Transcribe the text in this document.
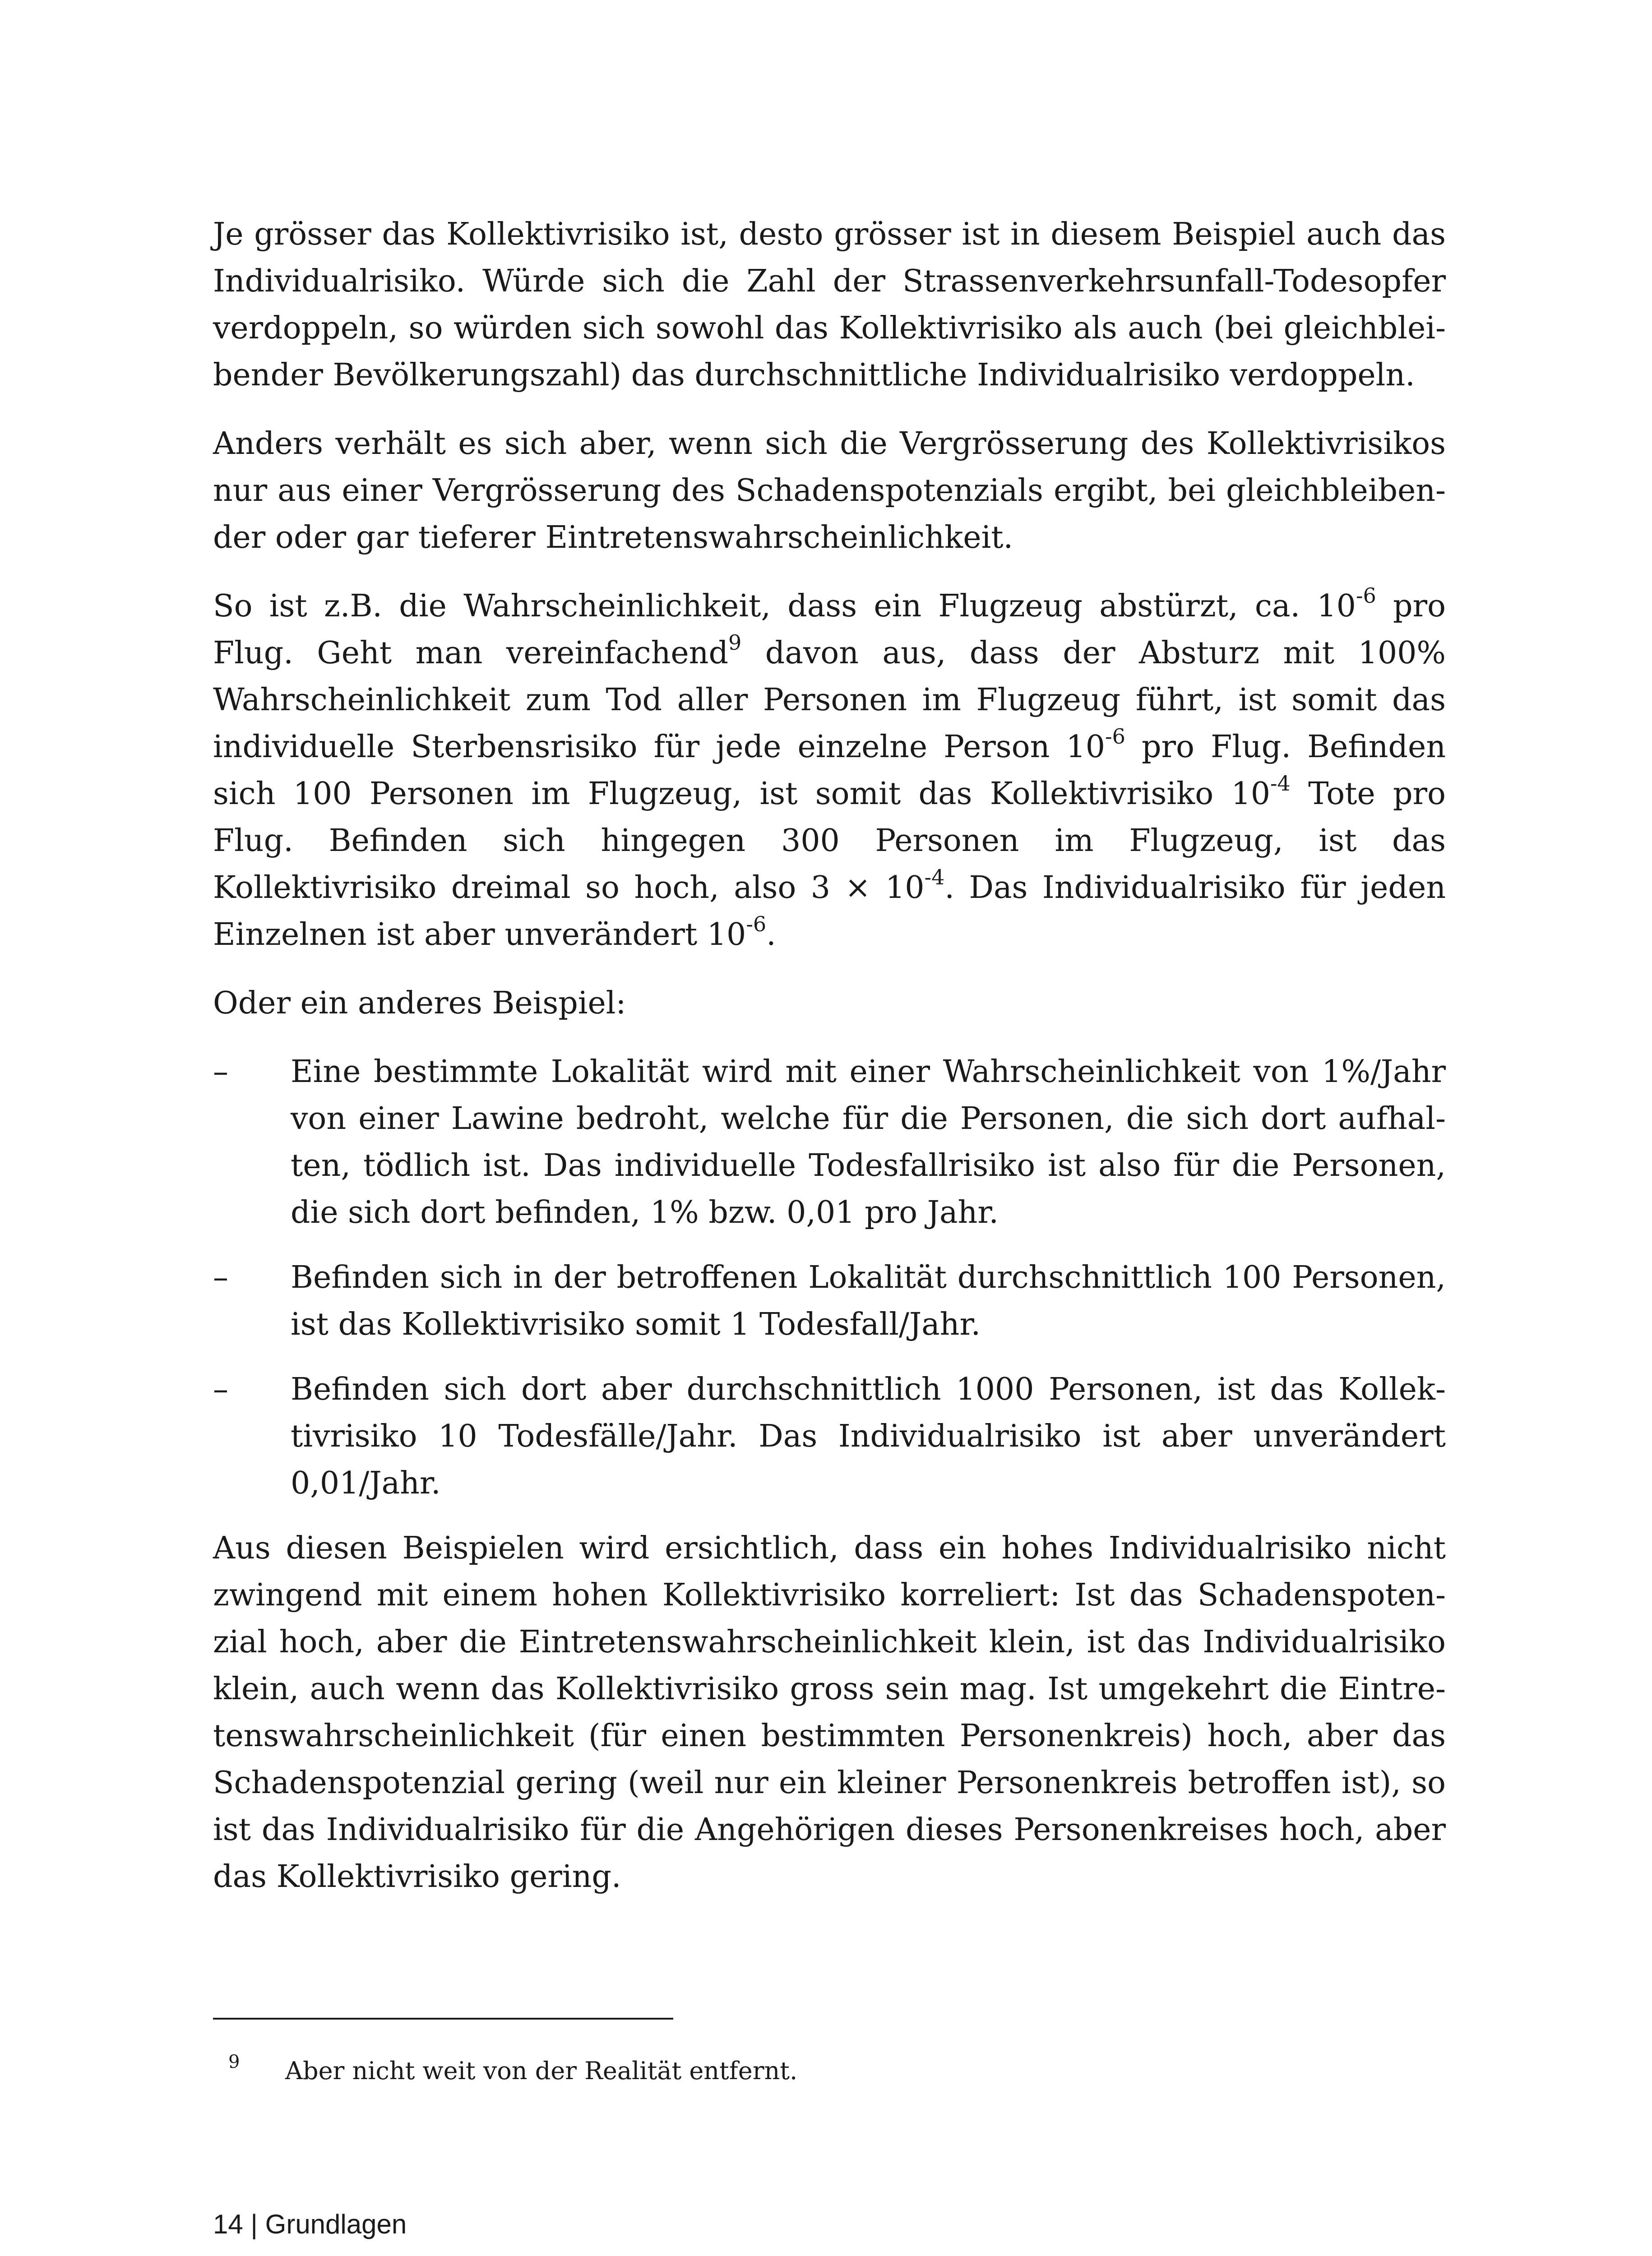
Je grösser das Kollektivrisiko ist, desto grösser ist in diesem Beispiel auch das Individualrisiko. Würde sich die Zahl der Strassenverkehrsunfall-Todesopfer verdoppeln, so würden sich sowohl das Kollektivrisiko als auch (bei gleichbleibender Bevölkerungszahl) das durchschnittliche Individualrisiko verdoppeln.

Anders verhält es sich aber, wenn sich die Vergrösserung des Kollektivrisikos nur aus einer Vergrösserung des Schadenspotenzials ergibt, bei gleichbleibender oder gar tieferer Eintretenswahrscheinlichkeit.

So ist z.B. die Wahrscheinlichkeit, dass ein Flugzeug abstürzt, ca. $10^{-6}$ pro Flug. Geht man vereinfachend$^9$ davon aus, dass der Absturz mit 100% Wahrscheinlichkeit zum Tod aller Personen im Flugzeug führt, ist somit das individuelle Sterbensrisiko für jede einzelne Person $10^{-6}$ pro Flug. Befinden sich 100 Personen im Flugzeug, ist somit das Kollektivrisiko $10^{-4}$ Tote pro Flug. Befinden sich hingegen 300 Personen im Flugzeug, ist das Kollektivrisiko dreimal so hoch, also $3 \times 10^{-4}$. Das Individualrisiko für jeden Einzelnen ist aber unverändert $10^{-6}$.

Oder ein anderes Beispiel:

–	Eine bestimmte Lokalität wird mit einer Wahrscheinlichkeit von 1%/Jahr von einer Lawine bedroht, welche für die Personen, die sich dort aufhalten, tödlich ist. Das individuelle Todesfallrisiko ist also für die Personen, die sich dort befinden, 1% bzw. 0,01 pro Jahr.
–	Befinden sich in der betroffenen Lokalität durchschnittlich 100 Personen, ist das Kollektivrisiko somit 1 Todesfall/Jahr.
–	Befinden sich dort aber durchschnittlich 1000 Personen, ist das Kollektivrisiko 10 Todesfälle/Jahr. Das Individualrisiko ist aber unverändert 0,01/Jahr.

Aus diesen Beispielen wird ersichtlich, dass ein hohes Individualrisiko nicht zwingend mit einem hohen Kollektivrisiko korreliert: Ist das Schadenspotenzial hoch, aber die Eintretenswahrscheinlichkeit klein, ist das Individualrisiko klein, auch wenn das Kollektivrisiko gross sein mag. Ist umgekehrt die Eintretenswahrscheinlichkeit (für einen bestimmten Personenkreis) hoch, aber das Schadenspotenzial gering (weil nur ein kleiner Personenkreis betroffen ist), so ist das Individualrisiko für die Angehörigen dieses Personenkreises hoch, aber das Kollektivrisiko gering.

9	Aber nicht weit von der Realität entfernt.
14 | Grundlagen
